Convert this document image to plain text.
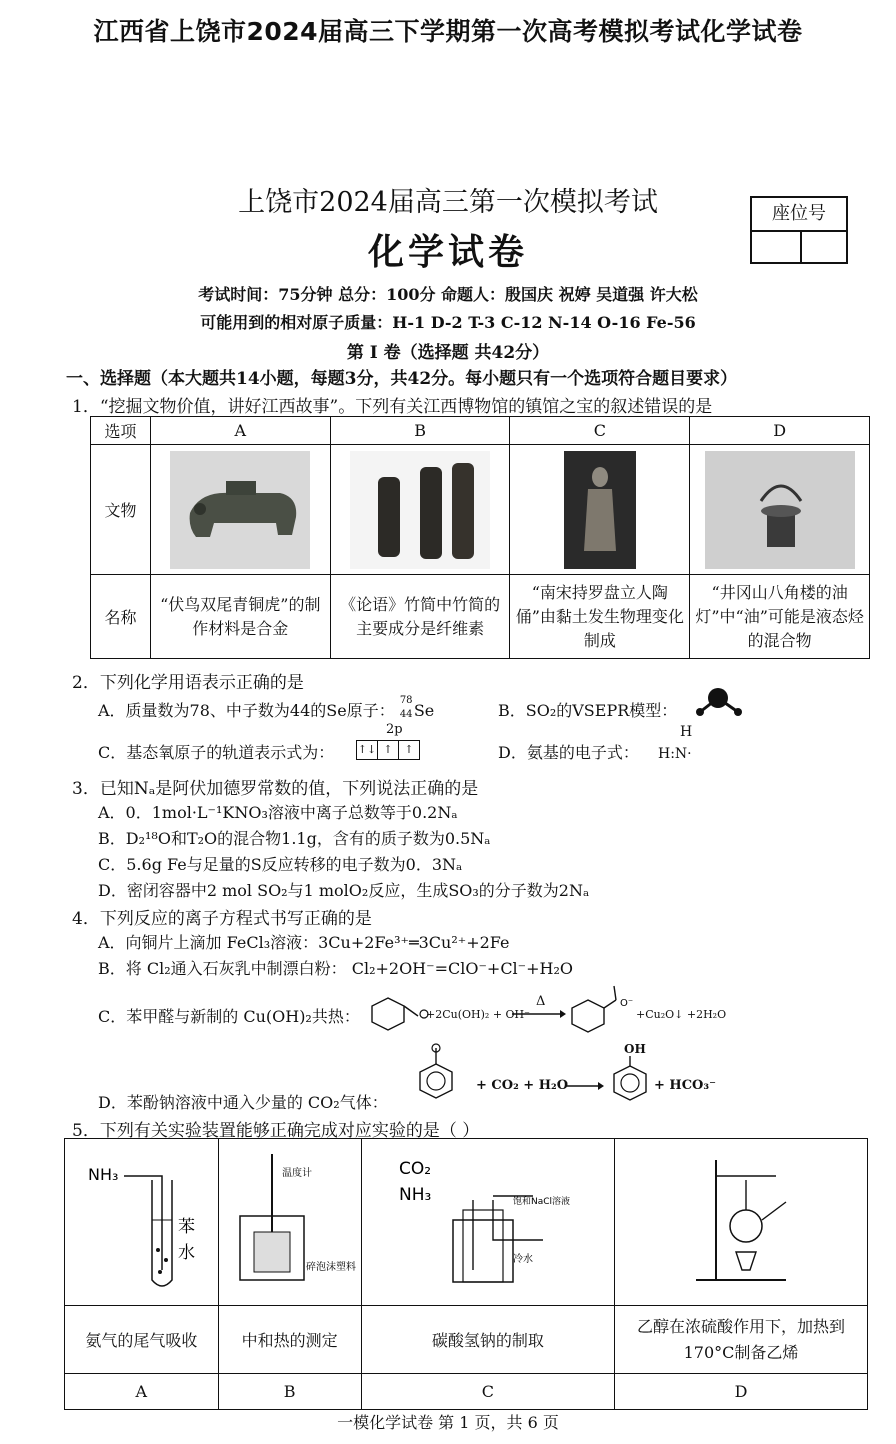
江西省上饶市2024届高三下学期第一次高考模拟考试化学试卷
上饶市2024届高三第一次模拟考试
化学试卷
座位号
考试时间：75分钟 总分：100分 命题人：殷国庆 祝婷 吴道强 许大松
可能用到的相对原子质量：H-1 D-2 T-3 C-12 N-14 O-16 Fe-56
第 I 卷（选择题 共42分）
一、选择题（本大题共14小题，每题3分，共42分。每小题只有一个选项符合题目要求）
1．“挖掘文物价值，讲好江西故事”。下列有关江西博物馆的镇馆之宝的叙述错误的是
选项	A	B	C	D
文物	

名称	“伏鸟双尾青铜虎”的制作材料是合金	《论语》竹简中竹简的主要成分是纤维素	“南宋持罗盘立人陶俑”由黏土发生物理变化制成	“井冈山八角楼的油灯”中“油”可能是液态烃的混合物
2．下列化学用语表示正确的是
A．质量数为78、中子数为44的Se原子：
78
44 Se	B．SO₂的VSEPR模型：
C．基态氧原子的轨道表示式为：
2p
↑↓ ↑	↑	D．氨基的电子式：
H
H:N·
3．已知Nₐ是阿伏加德罗常数的值，下列说法正确的是
A．0．1mol·L⁻¹KNO₃溶液中离子总数等于0.2Nₐ
B．D₂¹⁸O和T₂O的混合物1.1g，含有的质子数为0.5Nₐ
C．5.6g Fe与足量的S反应转移的电子数为0．3Nₐ
D．密闭容器中2 mol SO₂与1 molO₂反应，生成SO₃的分子数为2Nₐ
4．下列反应的离子方程式书写正确的是
A．向铜片上滴加 FeCl₃溶液：3Cu+2Fe³⁺═3Cu²⁺+2Fe
B．将 Cl₂通入石灰乳中制漂白粉： Cl₂+2OH⁻=ClO⁻+Cl⁻+H₂O
C．苯甲醛与新制的 Cu(OH)₂共热：	+2Cu(OH)₂ + OH⁻
Δ	O⁻
+Cu₂O↓ +2H₂O
D．苯酚钠溶液中通入少量的 CO₂气体：
+ CO₂ + H₂O
OH
+ HCO₃⁻
5．下列有关实验装置能够正确完成对应实验的是（ ）
NH₃
苯
水	温度计
碎泡沫塑料	CO₂
NH₃ 饱和NaCl溶液
冷水

氨气的尾气吸收	中和热的测定	碳酸氢钠的制取	乙醇在浓硫酸作用下，加热到170°C制备乙烯
A	B	C	D
一模化学试卷 第 1 页，共 6 页
